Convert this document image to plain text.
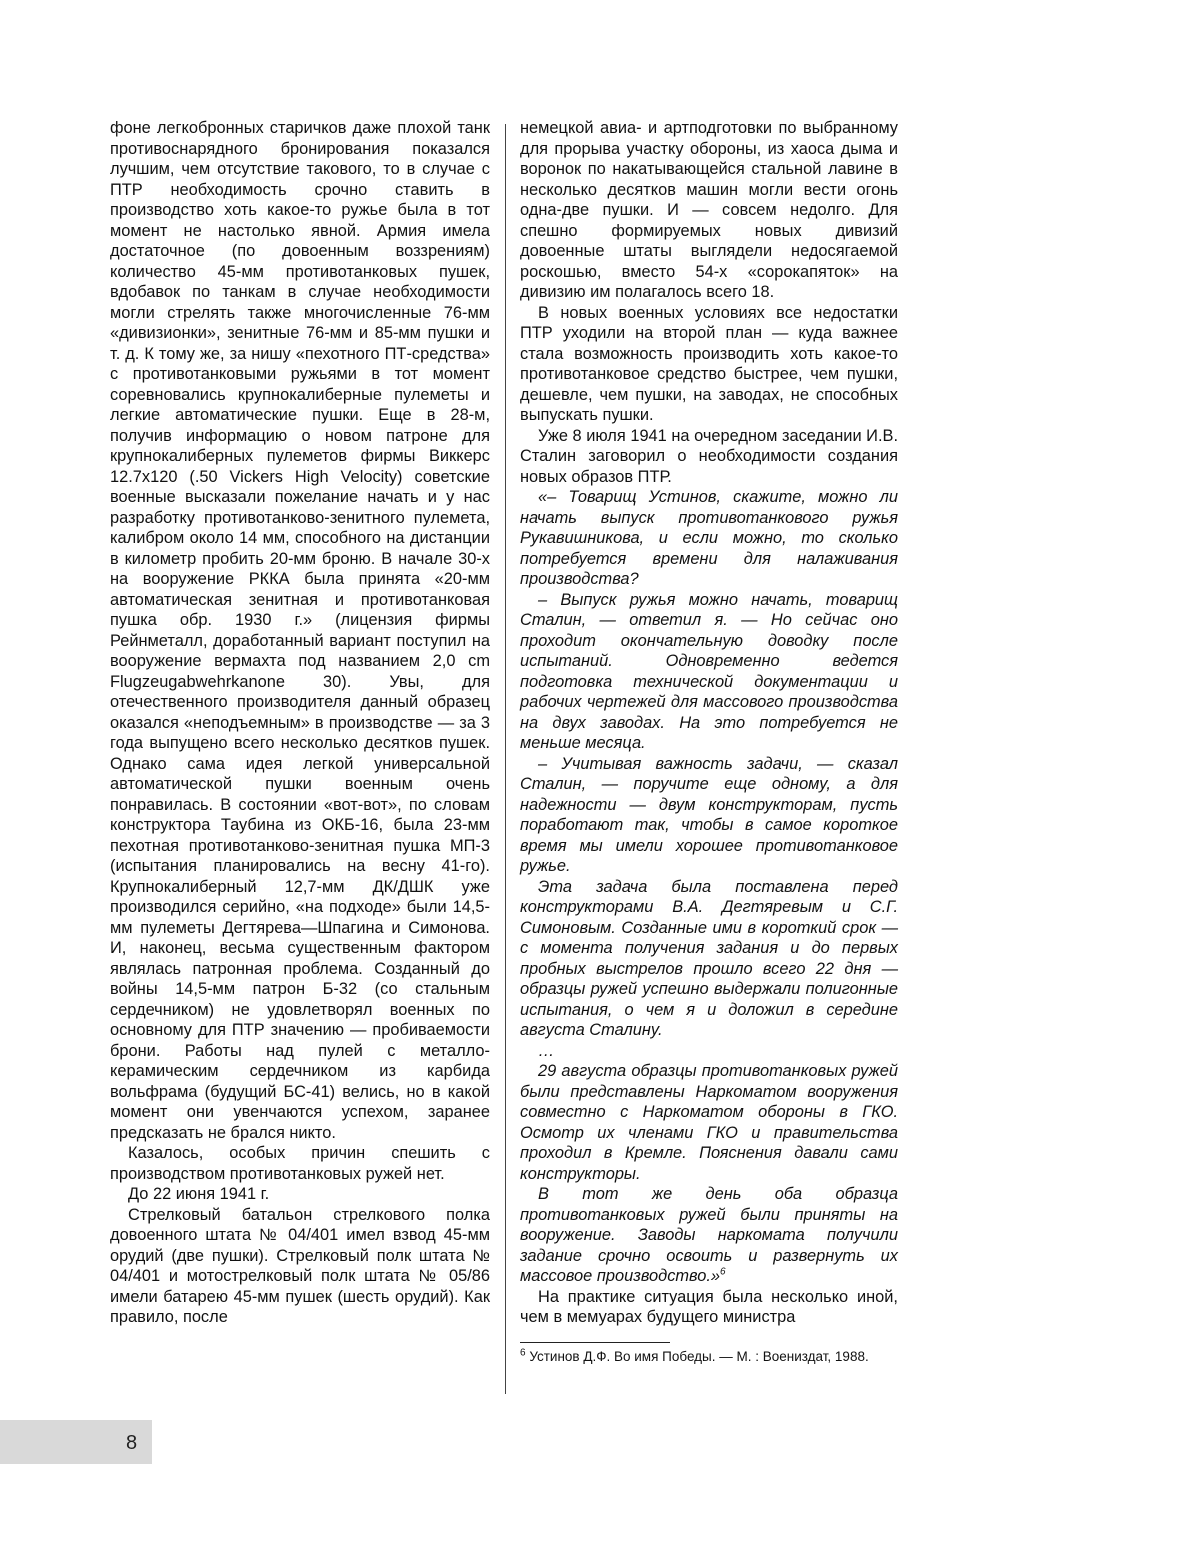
фоне легкобронных старичков даже плохой танк противоснарядного бронирования показался лучшим, чем отсутствие такового, то в случае с ПТР необходимость срочно ставить в производство хоть какое-то ружье была в тот момент не настолько явной. Армия имела достаточное (по довоенным воззрениям) количество 45-мм противотанковых пушек, вдобавок по танкам в случае необходимости могли стрелять также многочисленные 76-мм «дивизионки», зенитные 76-мм и 85-мм пушки и т. д. К тому же, за нишу «пехотного ПТ-средства» с противотанковыми ружьями в тот момент соревновались крупнокалиберные пулеметы и легкие автоматические пушки. Еще в 28-м, получив информацию о новом патроне для крупнокалиберных пулеметов фирмы Виккерс 12.7x120 (.50 Vickers High Velocity) советские военные высказали пожелание начать и у нас разработку противотанково-зенитного пулемета, калибром около 14 мм, способного на дистанции в километр пробить 20-мм броню. В начале 30-х на вооружение РККА была принята «20-мм автоматическая зенитная и противотанковая пушка обр. 1930 г.» (лицензия фирмы Рейнметалл, доработанный вариант поступил на вооружение вермахта под названием 2,0 cm Flugzeugabwehrkanone 30). Увы, для отечественного производителя данный образец оказался «неподъемным» в производстве — за 3 года выпущено всего несколько десятков пушек. Однако сама идея легкой универсальной автоматической пушки военным очень понравилась. В состоянии «вот-вот», по словам конструктора Таубина из ОКБ-16, была 23-мм пехотная противотанково-зенитная пушка МП-3 (испытания планировались на весну 41-го). Крупнокалиберный 12,7-мм ДК/ДШК уже производился серийно, «на подходе» были 14,5-мм пулеметы Дегтярева—Шпагина и Симонова. И, наконец, весьма существенным фактором являлась патронная проблема. Созданный до войны 14,5-мм патрон Б-32 (со стальным сердечником) не удовлетворял военных по основному для ПТР значению — пробиваемости брони. Работы над пулей с металло-керамическим сердечником из карбида вольфрама (будущий БС-41) велись, но в какой момент они увенчаются успехом, заранее предсказать не брался никто.

Казалось, особых причин спешить с производством противотанковых ружей нет.

До 22 июня 1941 г.

Стрелковый батальон стрелкового полка довоенного штата № 04/401 имел взвод 45-мм орудий (две пушки). Стрелковый полк штата № 04/401 и мотострелковый полк штата № 05/86 имели батарею 45-мм пушек (шесть орудий). Как правило, после

немецкой авиа- и артподготовки по выбранному для прорыва участку обороны, из хаоса дыма и воронок по накатывающейся стальной лавине в несколько десятков машин могли вести огонь одна-две пушки. И — совсем недолго. Для спешно формируемых новых дивизий довоенные штаты выглядели недосягаемой роскошью, вместо 54-х «сорокапяток» на дивизию им полагалось всего 18.

В новых военных условиях все недостатки ПТР уходили на второй план — куда важнее стала возможность производить хоть какое-то противотанковое средство быстрее, чем пушки, дешевле, чем пушки, на заводах, не способных выпускать пушки.

Уже 8 июля 1941 на очередном заседании И.В. Сталин заговорил о необходимости создания новых образов ПТР.

«– Товарищ Устинов, скажите, можно ли начать выпуск противотанкового ружья Рукавишникова, и если можно, то сколько потребуется времени для налаживания производства?

– Выпуск ружья можно начать, товарищ Сталин, — ответил я. — Но сейчас оно проходит окончательную доводку после испытаний. Одновременно ведется подготовка технической документации и рабочих чертежей для массового производства на двух заводах. На это потребуется не меньше месяца.

– Учитывая важность задачи, — сказал Сталин, — поручите еще одному, а для надежности — двум конструкторам, пусть поработают так, чтобы в самое короткое время мы имели хорошее противотанковое ружье.

Эта задача была поставлена перед конструкторами В.А. Дегтяревым и С.Г. Симоновым. Созданные ими в короткий срок — с момента получения задания и до первых пробных выстрелов прошло всего 22 дня — образцы ружей успешно выдержали полигонные испытания, о чем я и доложил в середине августа Сталину.

…

29 августа образцы противотанковых ружей были представлены Наркоматом вооружения совместно с Наркоматом обороны в ГКО. Осмотр их членами ГКО и правительства проходил в Кремле. Пояснения давали сами конструкторы.

В тот же день оба образца противотанковых ружей были приняты на вооружение. Заводы наркомата получили задание срочно освоить и развернуть их массовое производство.»$^6$

На практике ситуация была несколько иной, чем в мемуарах будущего министра

$^6$ Устинов Д.Ф. Во имя Победы. — М. : Воениздат, 1988.

8
